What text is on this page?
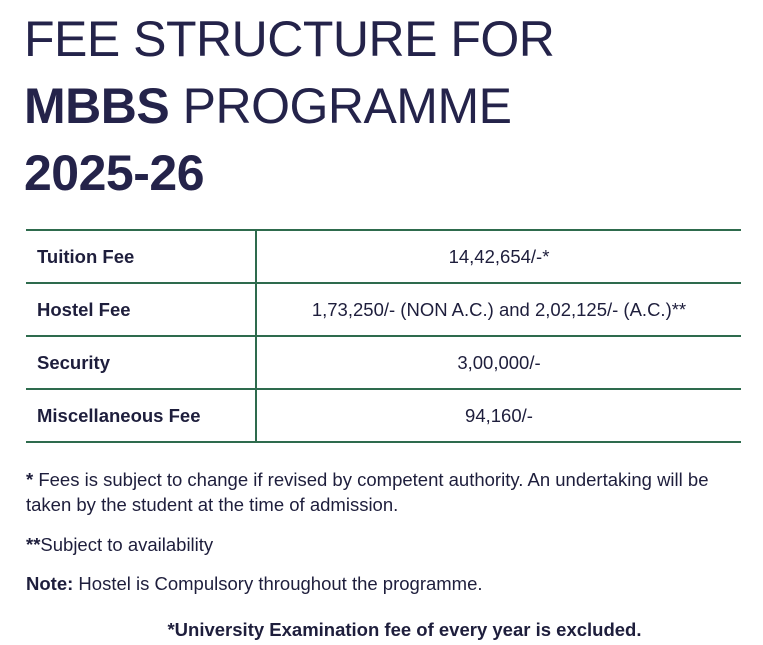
FEE STRUCTURE FOR
MBBS PROGRAMME
2025-26
Tuition Fee	14,42,654/-*
Hostel Fee	1,73,250/- (NON A.C.) and 2,02,125/- (A.C.)**
Security	3,00,000/-
Miscellaneous Fee	94,160/-

* Fees is subject to change if revised by competent authority. An undertaking will be taken by the student at the time of admission.

**Subject to availability

Note: Hostel is Compulsory throughout the programme.

*University Examination fee of every year is excluded.
